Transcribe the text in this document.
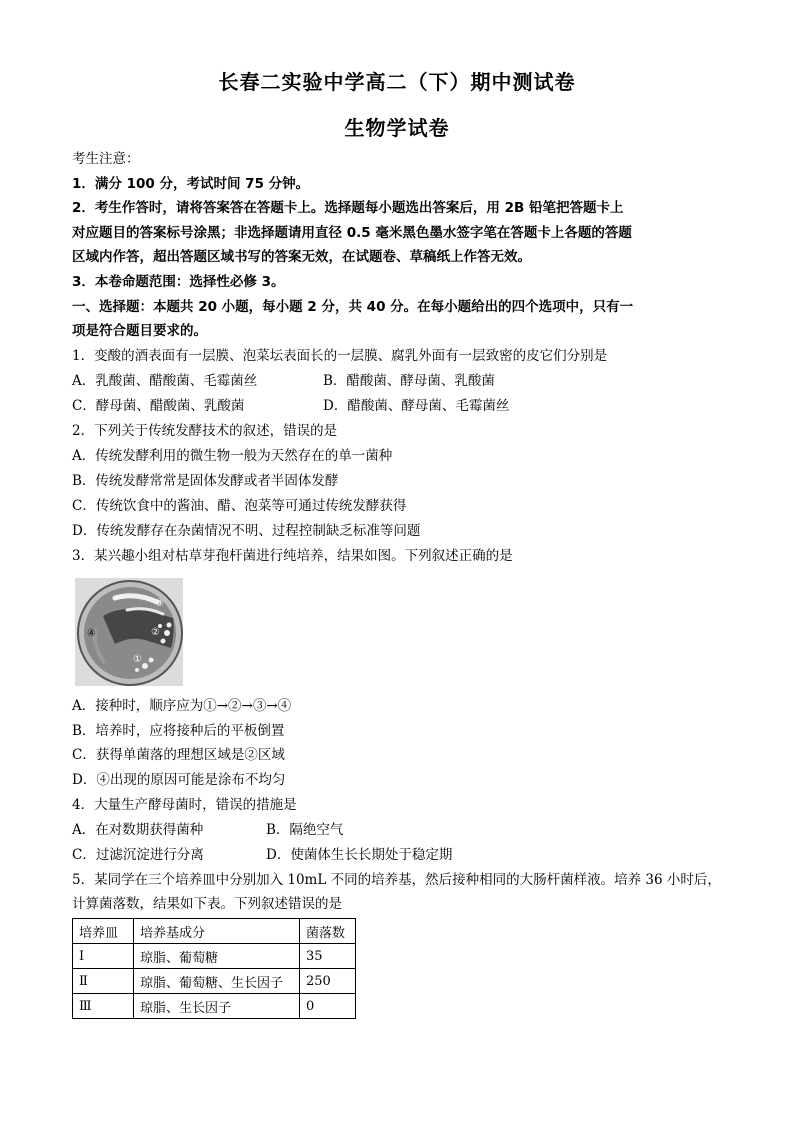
长春二实验中学高二（下）期中测试卷
生物学试卷
考生注意：
1．满分 100 分，考试时间 75 分钟。
2．考生作答时，请将答案答在答题卡上。选择题每小题选出答案后，用 2B 铅笔把答题卡上
对应题目的答案标号涂黑；非选择题请用直径 0.5 毫米黑色墨水签字笔在答题卡上各题的答题
区域内作答，超出答题区域书写的答案无效，在试题卷、草稿纸上作答无效。
3．本卷命题范围：选择性必修 3。
一、选择题：本题共 20 小题，每小题 2 分，共 40 分。在每小题给出的四个选项中，只有一
项是符合题目要求的。
1．变酸的酒表面有一层膜、泡菜坛表面长的一层膜、腐乳外面有一层致密的皮它们分别是
A．乳酸菌、醋酸菌、毛霉菌丝	B．醋酸菌、酵母菌、乳酸菌
C．酵母菌、醋酸菌、乳酸菌	D．醋酸菌、酵母菌、毛霉菌丝
2．下列关于传统发酵技术的叙述，错误的是
A．传统发酵利用的微生物一般为天然存在的单一菌种
B．传统发酵常常是固体发酵或者半固体发酵
C．传统饮食中的酱油、醋、泡菜等可通过传统发酵获得
D．传统发酵存在杂菌情况不明、过程控制缺乏标准等问题
3．某兴趣小组对枯草芽孢杆菌进行纯培养，结果如图。下列叙述正确的是
③
②
①
④
A．接种时，顺序应为①→②→③→④
B．培养时，应将接种后的平板倒置
C．获得单菌落的理想区域是②区域
D．④出现的原因可能是涂布不均匀
4．大量生产酵母菌时，错误的措施是
A．在对数期获得菌种	B．隔绝空气
C．过滤沉淀进行分离	D．使菌体生长长期处于稳定期
5．某同学在三个培养皿中分别加入 10mL 不同的培养基，然后接种相同的大肠杆菌样液。培养 36 小时后，
计算菌落数，结果如下表。下列叙述错误的是
培养皿	培养基成分	菌落数
Ⅰ	琼脂、葡萄糖	35
Ⅱ	琼脂、葡萄糖、生长因子	250
Ⅲ	琼脂、生长因子	0
